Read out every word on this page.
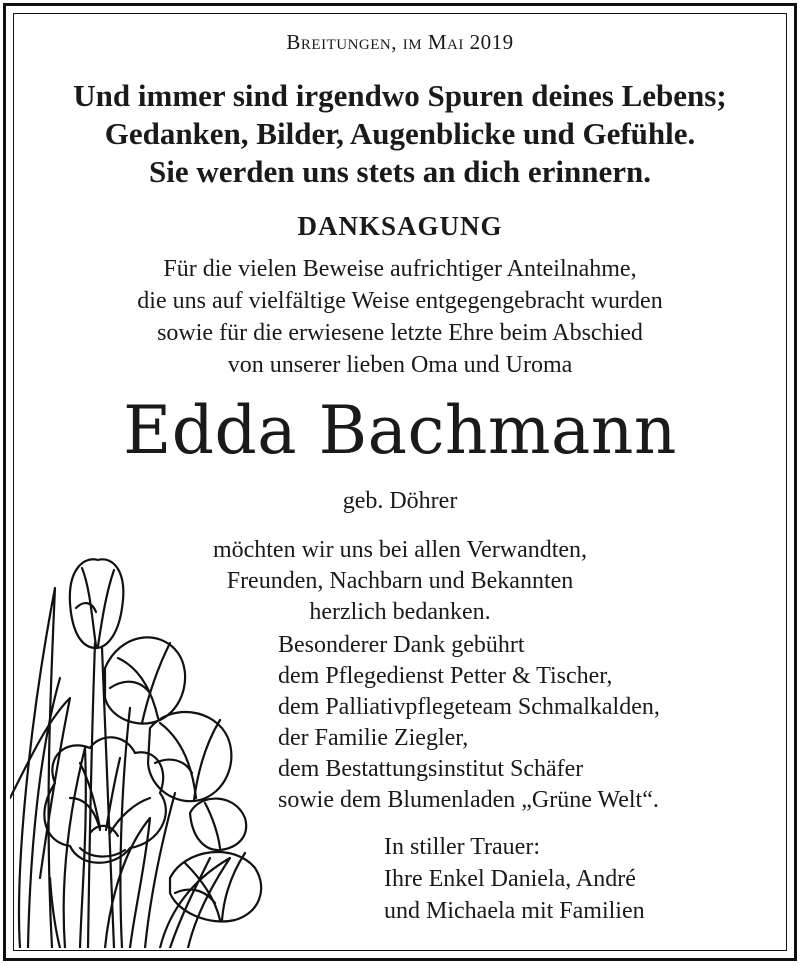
Breitungen, im Mai 2019
Und immer sind irgendwo Spuren deines Lebens;
Gedanken, Bilder, Augenblicke und Gefühle.
Sie werden uns stets an dich erinnern.
DANKSAGUNG
Für die vielen Beweise aufrichtiger Anteilnahme,
die uns auf vielfältige Weise entgegengebracht wurden
sowie für die erwiesene letzte Ehre beim Abschied
von unserer lieben Oma und Uroma
Edda Bachmann
geb. Döhrer
möchten wir uns bei allen Verwandten,
Freunden, Nachbarn und Bekannten
herzlich bedanken.
Besonderer Dank gebührt
dem Pflegedienst Petter & Tischer,
dem Palliativpflegeteam Schmalkalden,
der Familie Ziegler,
dem Bestattungsinstitut Schäfer
sowie dem Blumenladen „Grüne Welt“.
In stiller Trauer:
Ihre Enkel Daniela, André
und Michaela mit Familien
